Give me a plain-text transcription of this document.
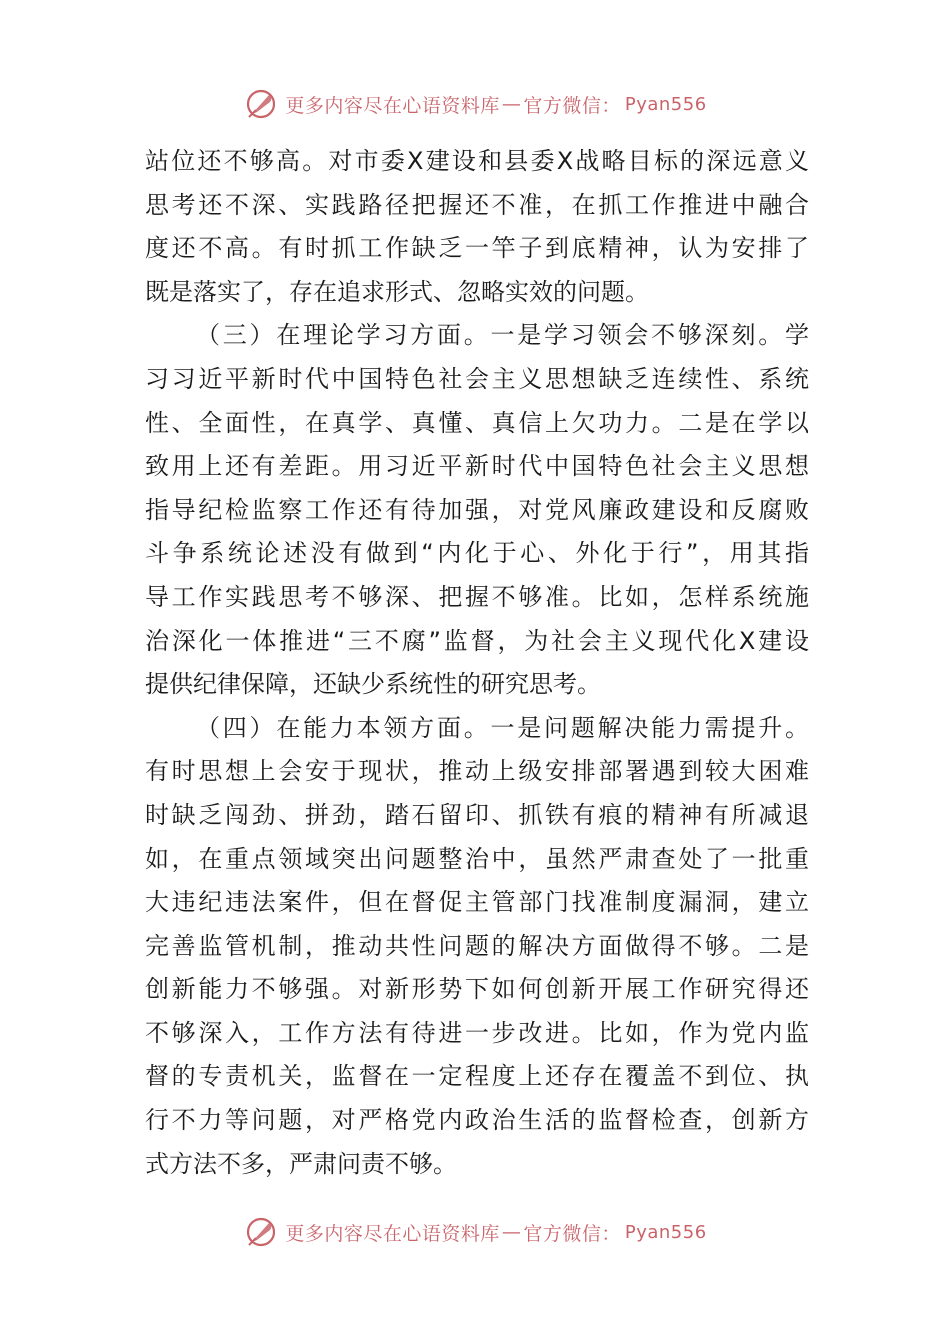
更多内容尽在心语资料库 — 官方微信： Pyan556
站位还不够高。对市委X建设和县委X战略目标的深远意义
思考还不深、实践路径把握还不准，在抓工作推进中融合
度还不高。有时抓工作缺乏一竿子到底精神，认为安排了
既是落实了，存在追求形式、忽略实效的问题。
（三）在理论学习方面。一是学习领会不够深刻。学
习习近平新时代中国特色社会主义思想缺乏连续性、系统
性、全面性，在真学、真懂、真信上欠功力。二是在学以
致用上还有差距。用习近平新时代中国特色社会主义思想
指导纪检监察工作还有待加强，对党风廉政建设和反腐败
斗争系统论述没有做到“内化于心、外化于行”，用其指
导工作实践思考不够深、把握不够准。比如，怎样系统施
治深化一体推进“三不腐”监督，为社会主义现代化X建设
提供纪律保障，还缺少系统性的研究思考。
（四）在能力本领方面。一是问题解决能力需提升。
有时思想上会安于现状，推动上级安排部署遇到较大困难
时缺乏闯劲、拼劲，踏石留印、抓铁有痕的精神有所减退
如，在重点领域突出问题整治中，虽然严肃查处了一批重
大违纪违法案件，但在督促主管部门找准制度漏洞，建立
完善监管机制，推动共性问题的解决方面做得不够。二是
创新能力不够强。对新形势下如何创新开展工作研究得还
不够深入，工作方法有待进一步改进。比如，作为党内监
督的专责机关，监督在一定程度上还存在覆盖不到位、执
行不力等问题，对严格党内政治生活的监督检查，创新方
式方法不多，严肃问责不够。
更多内容尽在心语资料库 — 官方微信： Pyan556
